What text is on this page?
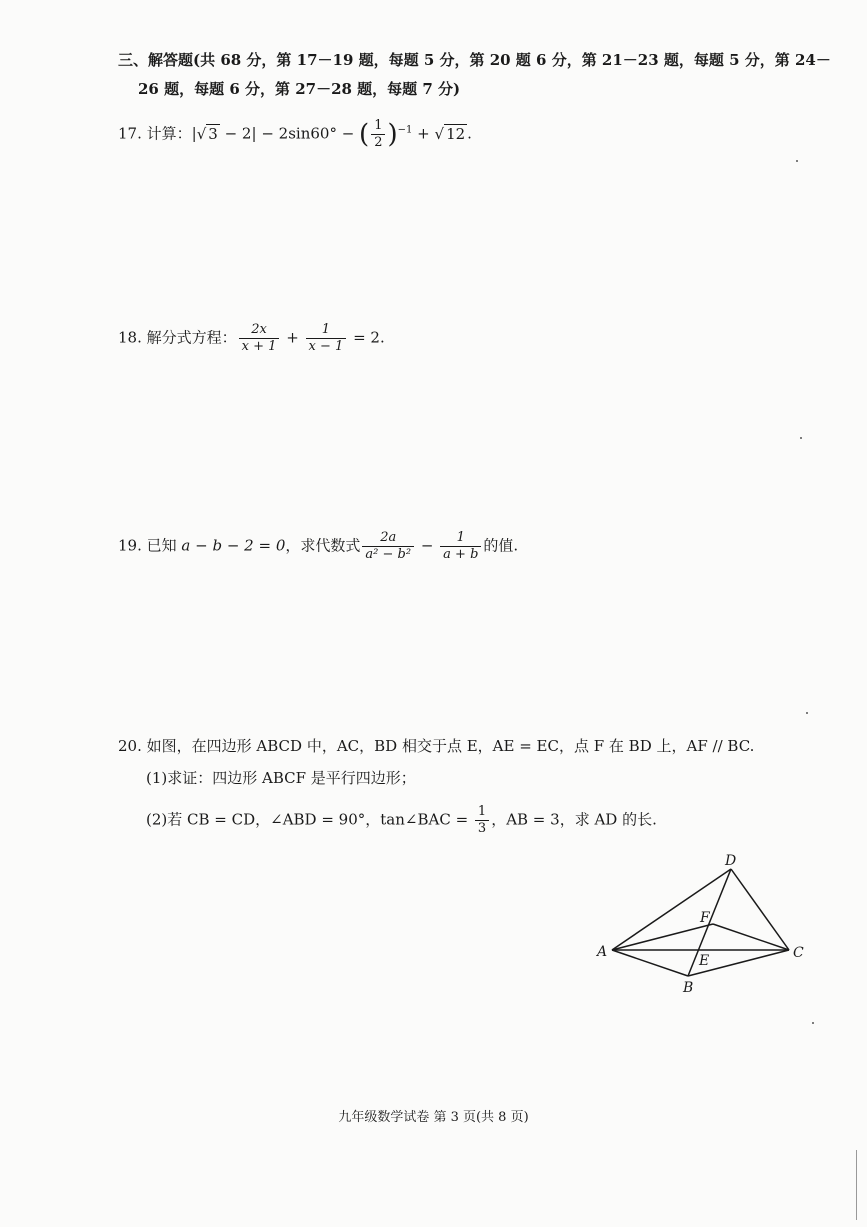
三、解答题(共 68 分，第 17－19 题，每题 5 分，第 20 题 6 分，第 21－23 题，每题 5 分，第 24－
26 题，每题 6 分，第 27－28 题，每题 7 分)
17. 计算：|√ 3 − 2| − 2sin60° − ( $\frac{1}{2} )^{-1}$ + √ 12 .
18. 解分式方程： $\frac{2x}{x + 1} + \frac{1}{x - 1} = 2$.
19. 已知 a − b − 2 = 0，求代数式 $\frac{2a}{\text{a² − b²}} - \frac{1}{a + b}$ 的值.
20. 如图，在四边形 ABCD 中，AC，BD 相交于点 E，AE = EC，点 F 在 BD 上，AF // BC.
(1)求证：四边形 ABCF 是平行四边形；
(2)若 CB = CD，∠ABD = 90°，tan∠BAC = $\frac{1}{3}$ ，AB = 3，求 AD 的长.
A
B
C
D
E
F
九年级数学试卷 第 3 页(共 8 页)
